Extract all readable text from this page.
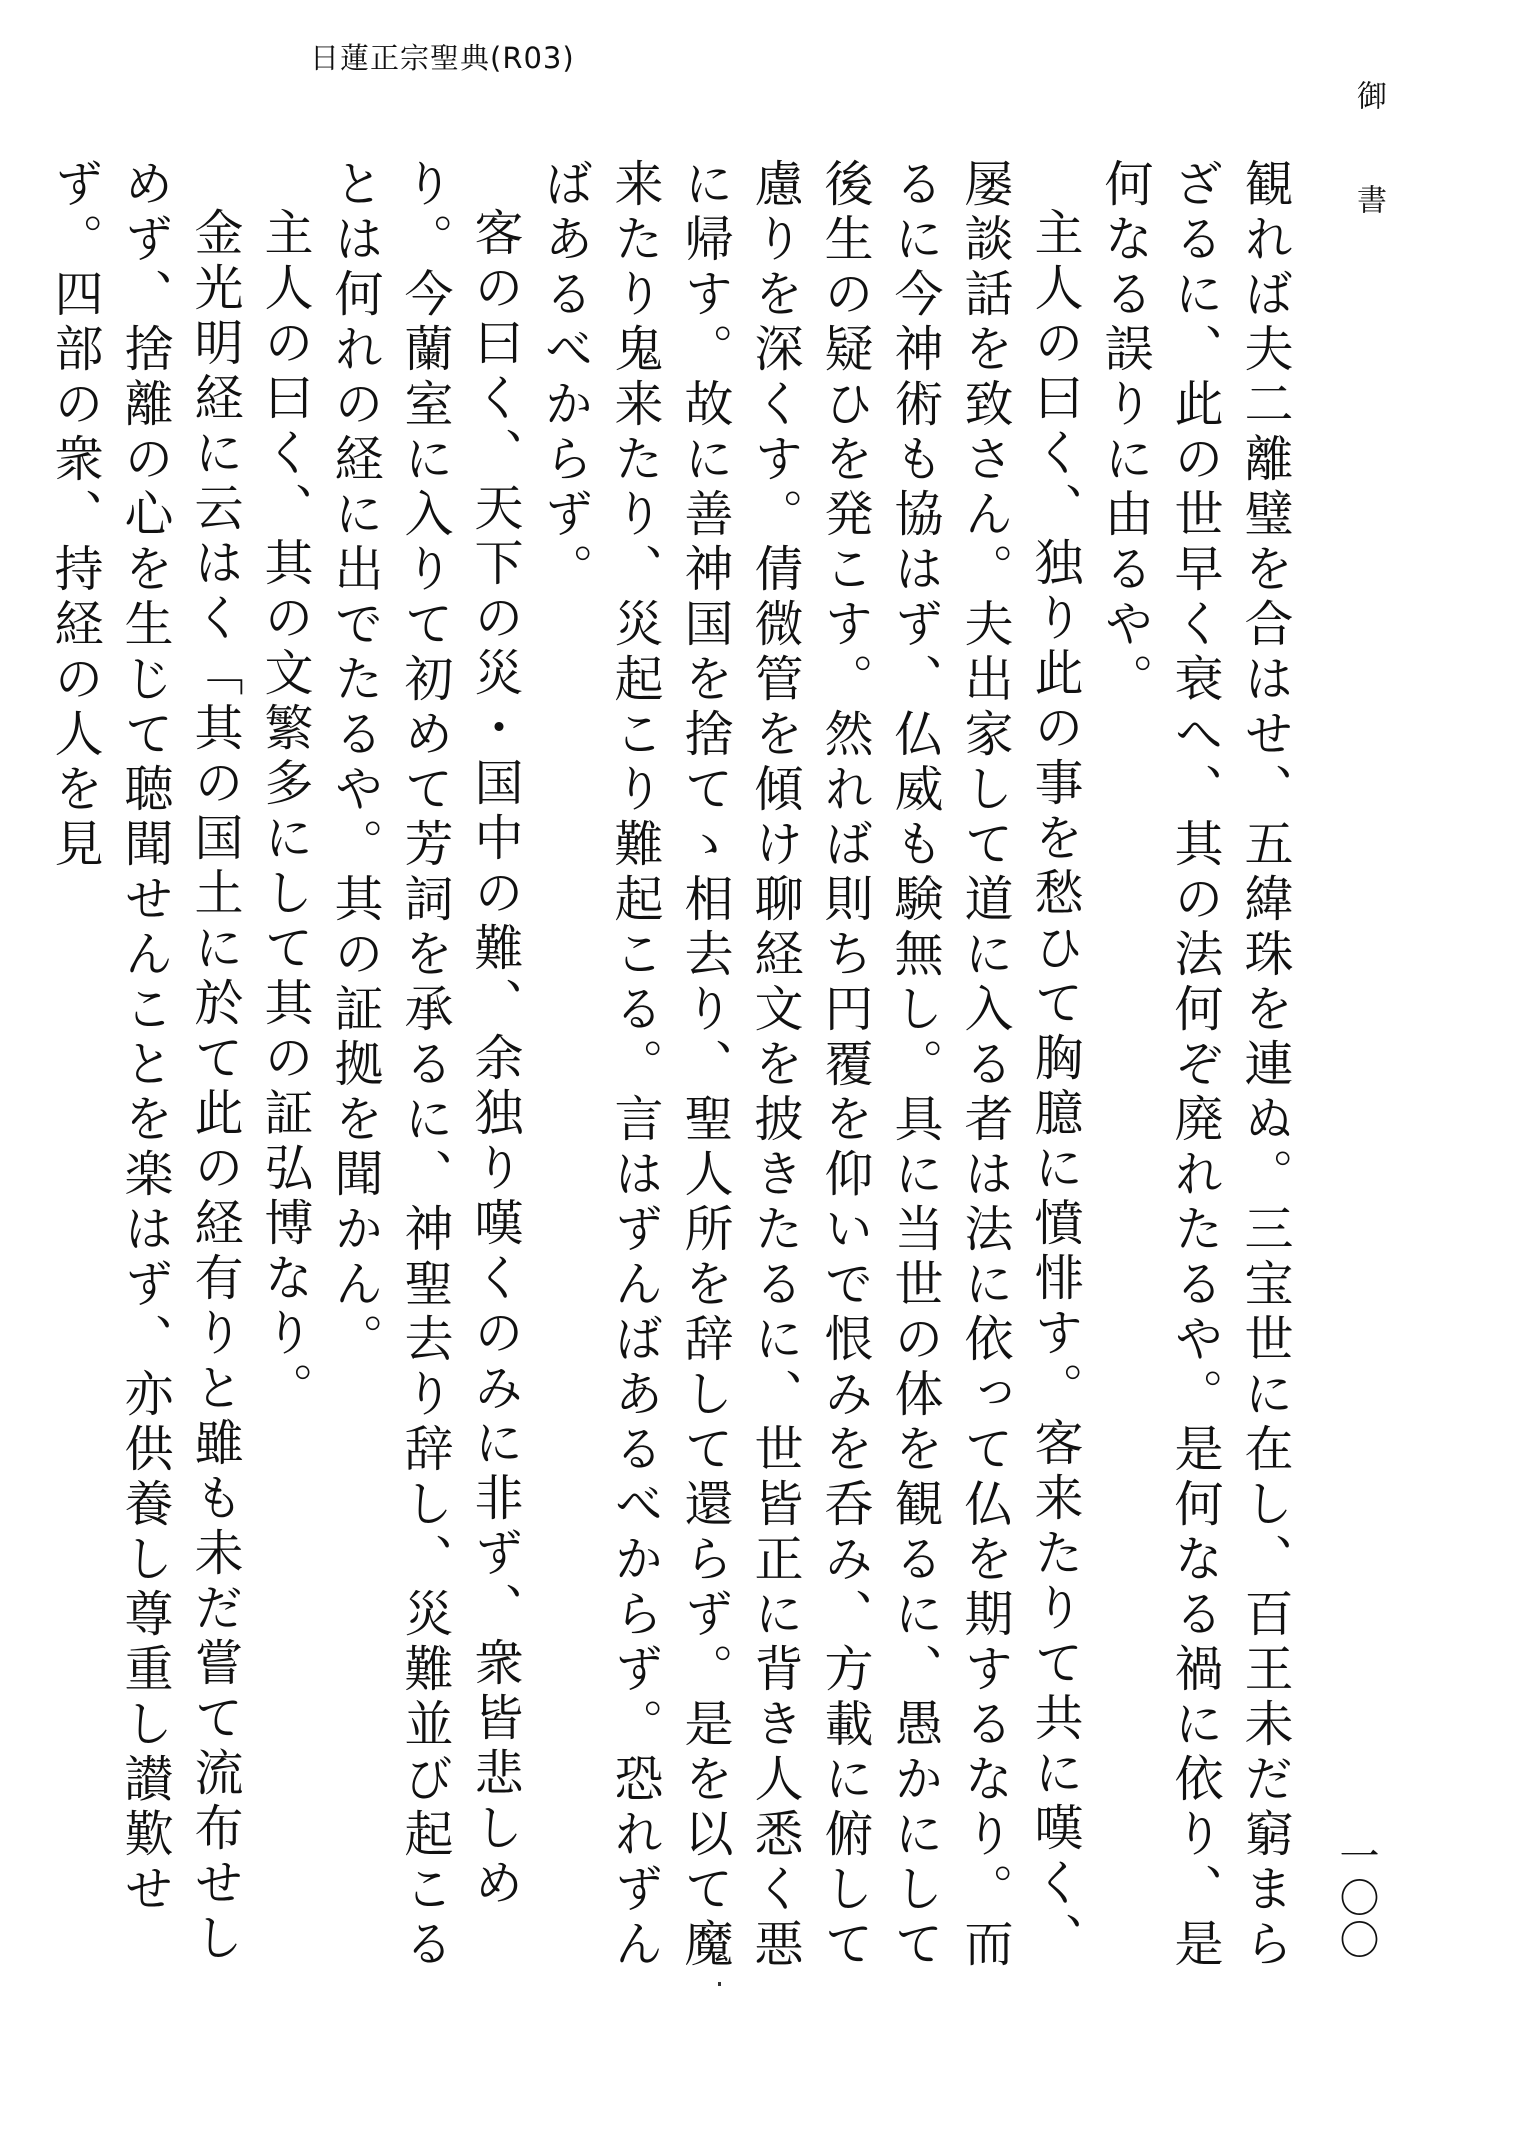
日蓮正宗聖典(R03)
御　書
一〇〇

観れば夫二離璧を合はせ、五緯珠を連ぬ。三宝世に在し、百王未だ窮まらざるに、此の世早く衰へ、其の法何ぞ廃れたるや。是何なる禍に依り、是何なる誤りに由るや。

主人の曰く、独り此の事を愁ひて胸臆に憤悱す。客来たりて共に嘆く、屡談話を致さん。夫出家して道に入る者は法に依って仏を期するなり。而るに今神術も協はず、仏威も験無し。具に当世の体を観るに、愚かにして後生の疑ひを発こす。然れば則ち円覆を仰いで恨みを呑み、方載に俯して慮りを深くす。倩微管を傾け聊経文を披きたるに、世皆正に背き人悉く悪に帰す。故に善神国を捨てゝ相去り、聖人所を辞して還らず。是を以て魔来たり鬼来たり、災起こり難起こる。言はずんばあるべからず。恐れずんばあるべからず。

客の曰く、天下の災・国中の難、余独り嘆くのみに非ず、衆皆悲しめり。今蘭室に入りて初めて芳詞を承るに、神聖去り辞し、災難並び起こるとは何れの経に出でたるや。其の証拠を聞かん。

主人の曰く、其の文繁多にして其の証弘博なり。

金光明経に云はく「其の国土に於て此の経有りと雖も未だ嘗て流布せしめず、捨離の心を生じて聴聞せんことを楽はず、亦供養し尊重し讃歎せず。四部の衆、持経の人を見
